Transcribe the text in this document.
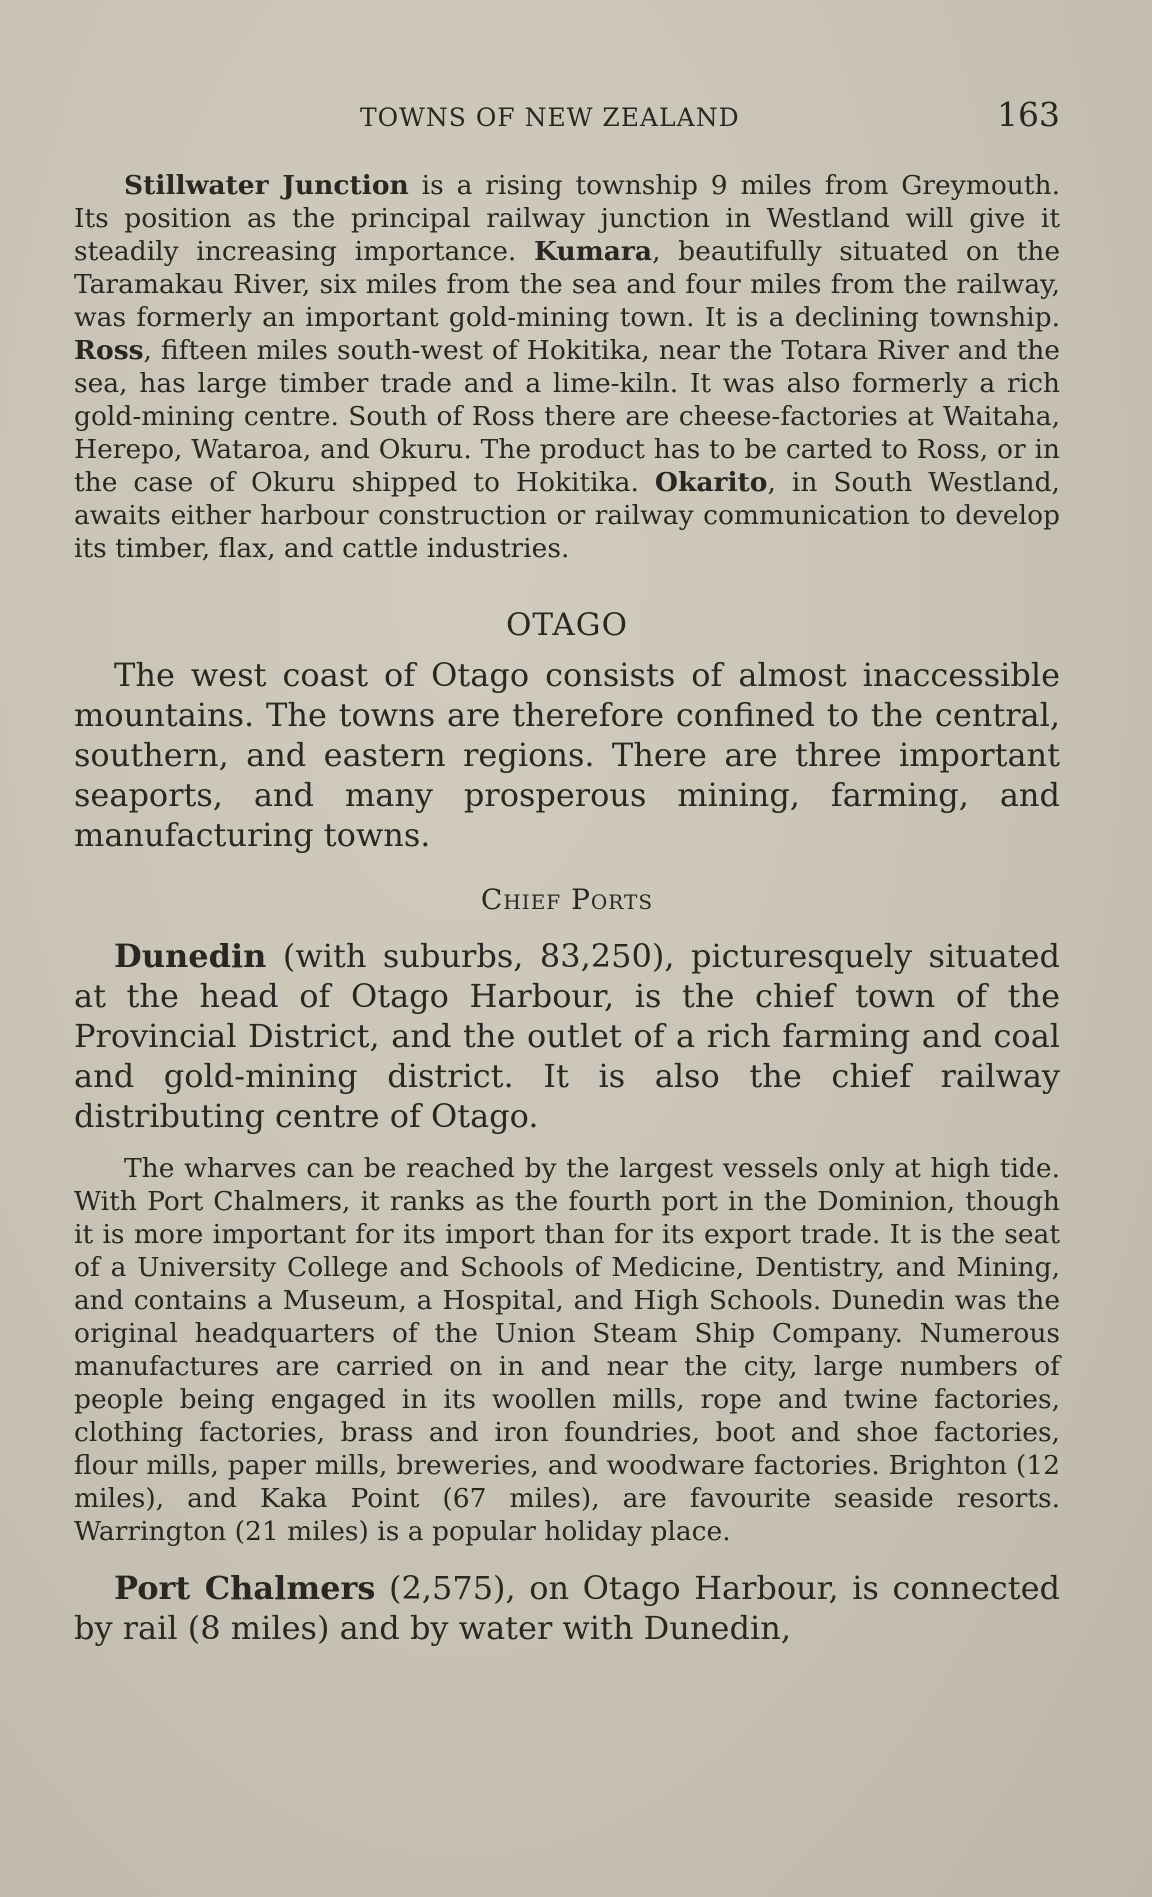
TOWNS OF NEW ZEALAND	163

Stillwater Junction is a rising township 9 miles from Greymouth. Its position as the principal railway junction in Westland will give it steadily increasing importance. Kumara, beautifully situated on the Taramakau River, six miles from the sea and four miles from the railway, was formerly an important gold-mining town. It is a declining township. Ross, fifteen miles south-west of Hokitika, near the Totara River and the sea, has large timber trade and a lime-kiln. It was also formerly a rich gold-mining centre. South of Ross there are cheese-factories at Waitaha, Herepo, Wataroa, and Okuru. The product has to be carted to Ross, or in the case of Okuru shipped to Hokitika. Okarito, in South Westland, awaits either harbour construction or railway communication to develop its timber, flax, and cattle industries.

OTAGO

The west coast of Otago consists of almost inaccessible mountains. The towns are therefore confined to the central, southern, and eastern regions. There are three important seaports, and many prosperous mining, farming, and manufacturing towns.

Chief Ports

Dunedin (with suburbs, 83,250), picturesquely situated at the head of Otago Harbour, is the chief town of the Provincial District, and the outlet of a rich farming and coal and gold-mining district. It is also the chief railway distributing centre of Otago.

The wharves can be reached by the largest vessels only at high tide. With Port Chalmers, it ranks as the fourth port in the Dominion, though it is more important for its import than for its export trade. It is the seat of a University College and Schools of Medicine, Dentistry, and Mining, and contains a Museum, a Hospital, and High Schools. Dunedin was the original headquarters of the Union Steam Ship Company. Numerous manufactures are carried on in and near the city, large numbers of people being engaged in its woollen mills, rope and twine factories, clothing factories, brass and iron foundries, boot and shoe factories, flour mills, paper mills, breweries, and woodware factories. Brighton (12 miles), and Kaka Point (67 miles), are favourite seaside resorts. Warrington (21 miles) is a popular holiday place.

Port Chalmers (2,575), on Otago Harbour, is connected by rail (8 miles) and by water with Dunedin,
